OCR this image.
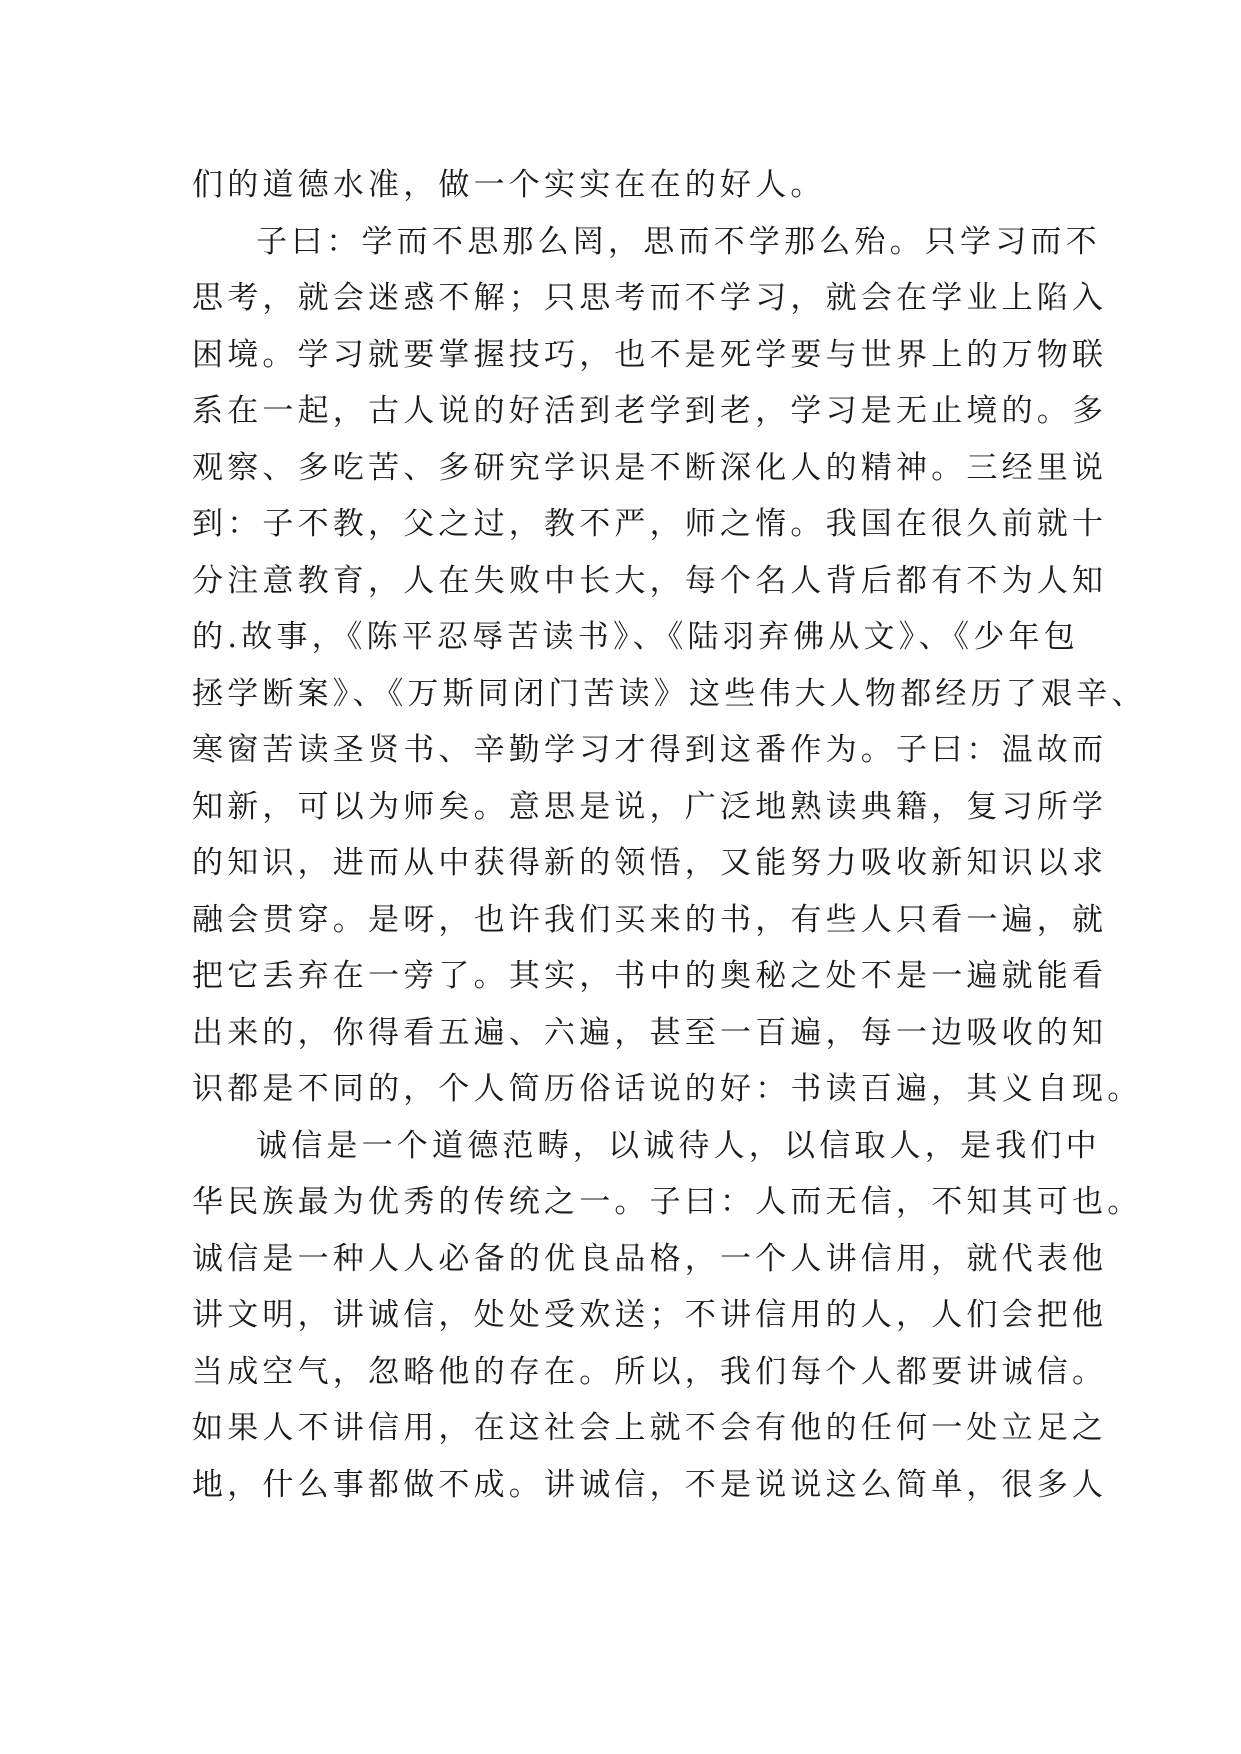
们的道德水准，做一个实实在在的好人。
子曰：学而不思那么罔，思而不学那么殆。只学习而不
思考，就会迷惑不解；只思考而不学习，就会在学业上陷入
困境。学习就要掌握技巧，也不是死学要与世界上的万物联
系在一起，古人说的好活到老学到老，学习是无止境的。多
观察、多吃苦、多研究学识是不断深化人的精神。三经里说
到：子不教，父之过，教不严，师之惰。我国在很久前就十
分注意教育，人在失败中长大，每个名人背后都有不为人知
的.故事，《陈平忍辱苦读书》、《陆羽弃佛从文》、《少年包
拯学断案》、《万斯同闭门苦读》这些伟大人物都经历了艰辛、
寒窗苦读圣贤书、辛勤学习才得到这番作为。子曰：温故而
知新，可以为师矣。意思是说，广泛地熟读典籍，复习所学
的知识，进而从中获得新的领悟，又能努力吸收新知识以求
融会贯穿。是呀，也许我们买来的书，有些人只看一遍，就
把它丢弃在一旁了。其实，书中的奥秘之处不是一遍就能看
出来的，你得看五遍、六遍，甚至一百遍，每一边吸收的知
识都是不同的，个人简历俗话说的好：书读百遍，其义自现。
诚信是一个道德范畴，以诚待人，以信取人，是我们中
华民族最为优秀的传统之一。子曰：人而无信，不知其可也。
诚信是一种人人必备的优良品格，一个人讲信用，就代表他
讲文明，讲诚信，处处受欢送；不讲信用的人，人们会把他
当成空气，忽略他的存在。所以，我们每个人都要讲诚信。
如果人不讲信用，在这社会上就不会有他的任何一处立足之
地，什么事都做不成。讲诚信，不是说说这么简单，很多人
